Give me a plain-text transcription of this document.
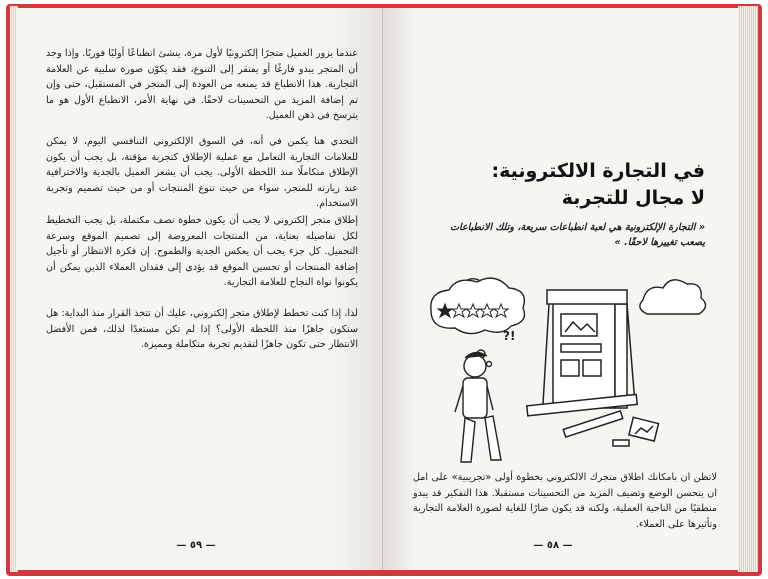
عندما يزور العميل متجرًا إلكترونيًا لأول مرة، ينشئ انطباعًا أوليًا فوريًا. وإذا وجد أن المتجر يبدو فارغًا أو يفتقر إلى التنوع، فقد يكوّن صورة سلبية عن العلامة التجارية. هذا الانطباع قد يمنعه من العودة إلى المتجر في المستقبل، حتى وإن تم إضافة المزيد من التحسينات لاحقًا. في نهاية الأمر، الانطباع الأول هو ما يترسخ في ذهن العميل.

التحدي هنا يكمن في أنه، في السوق الإلكتروني التنافسي اليوم، لا يمكن للعلامات التجارية التعامل مع عملية الإطلاق كتجربة مؤقتة، بل يجب أن يكون الإطلاق متكاملًا منذ اللحظة الأولى. يجب أن يشعر العميل بالجدية والاحترافية عند زيارته للمتجر، سواء من حيث تنوع المنتجات أو من حيث تصميم وتجربة الاستخدام.

إطلاق متجر إلكتروني لا يجب أن يكون خطوة نصف مكتملة، بل يجب التخطيط لكل تفاصيله بعناية، من المنتجات المعروضة إلى تصميم الموقع وسرعة التحميل. كل جزء يجب أن يعكس الجدية والطموح. إن فكرة الانتظار أو تأجيل إضافة المنتجات أو تحسين الموقع قد يؤدي إلى فقدان العملاء الذين يمكن أن يكونوا نواة النجاح للعلامة التجارية.

لذا، إذا كنت تخطط لإطلاق متجر إلكتروني، عليك أن تتخذ القرار منذ البداية: هل ستكون جاهزًا منذ اللحظة الأولى؟ إذا لم تكن مستعدًا لذلك، فمن الأفضل الانتظار حتى تكون جاهزًا لتقديم تجربة متكاملة ومميزة.

— ٥٩ —
في التجارة الالكترونية:
لا مجال للتجربة

« التجارة الإلكترونية هي لعبة انطباعات سريعة، وتلك الانطباعات يصعب تغييرها لاحقًا. »

?!

لاتظن ان بامكانك اطلاق متجرك الالكتروني بخطوة أولى «تجريبية» على امل ان يتحسن الوضع وتضيف المزيد من التحسينات مستقبلا. هذا التفكير قد يبدو منطقيًا من الناحية العملية، ولكنه قد يكون ضارًا للغاية لصورة العلامة التجارية وتأثيرها على العملاء.

— ٥٨ —
